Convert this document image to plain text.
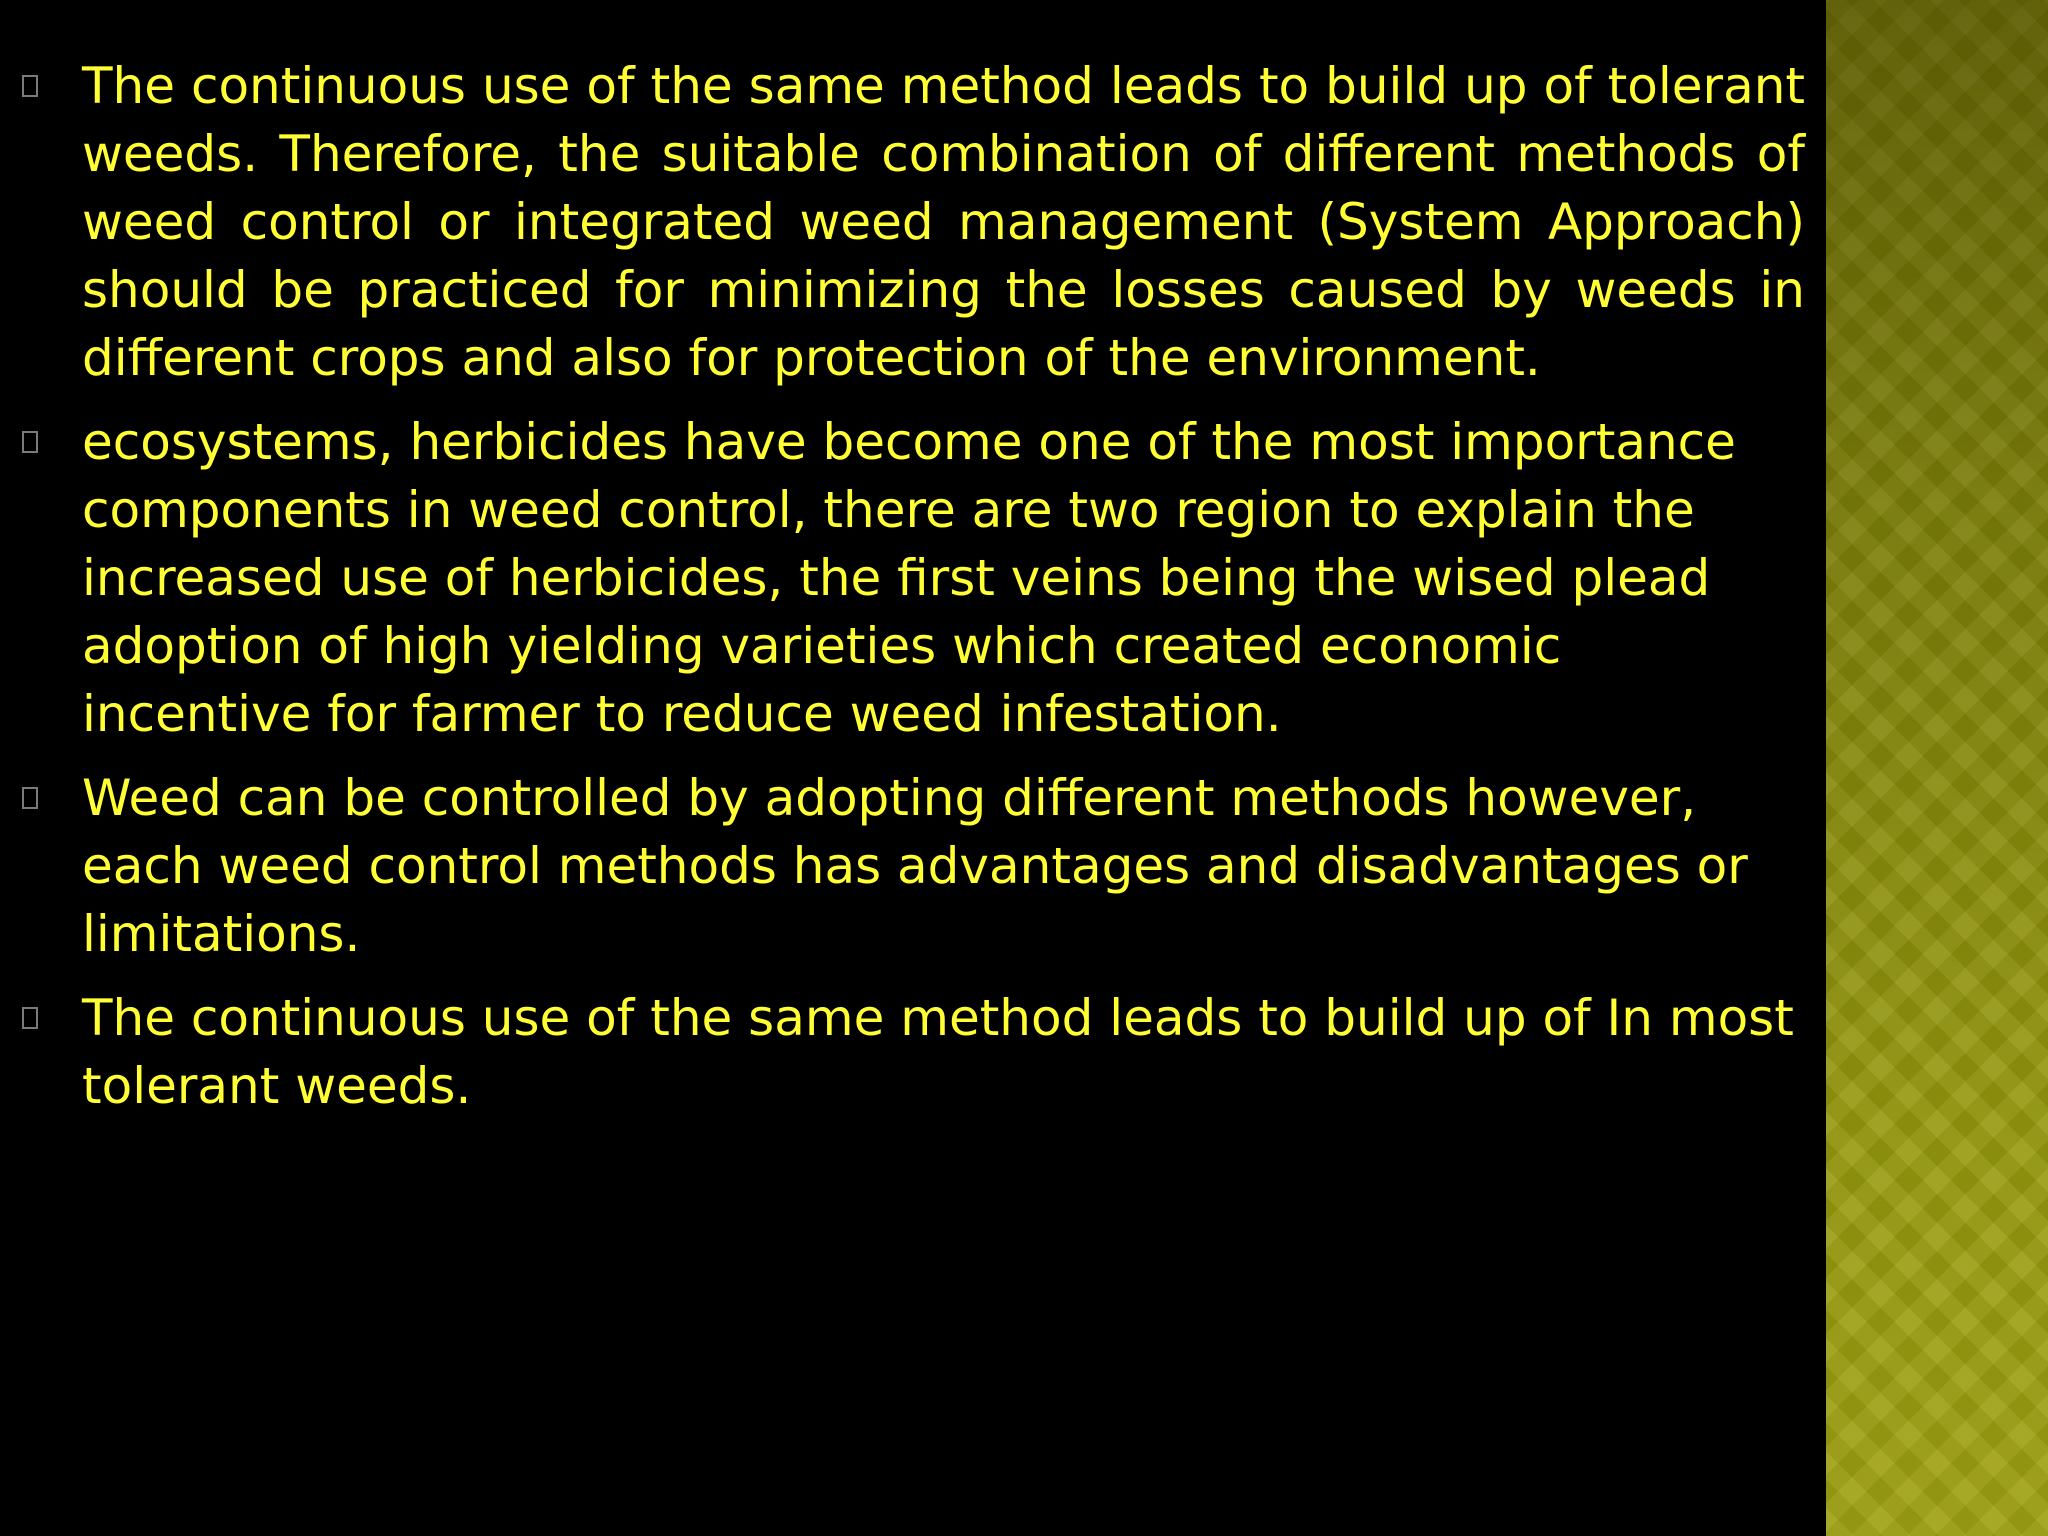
The continuous use of the same method leads to build up of tolerant weeds. Therefore, the suitable combination of different methods of weed control or integrated weed management (System Approach) should be practiced for minimizing the losses caused by weeds in different crops and also for protection of the environment.

ecosystems, herbicides have become one of the most importance components in weed control, there are two region to explain the increased use of herbicides, the first veins being the wised plead adoption of high yielding varieties which created economic incentive for farmer to reduce weed infestation.

Weed can be controlled by adopting different methods however, each weed control methods has advantages and disadvantages or limitations.

The continuous use of the same method leads to build up of In most tolerant weeds.
